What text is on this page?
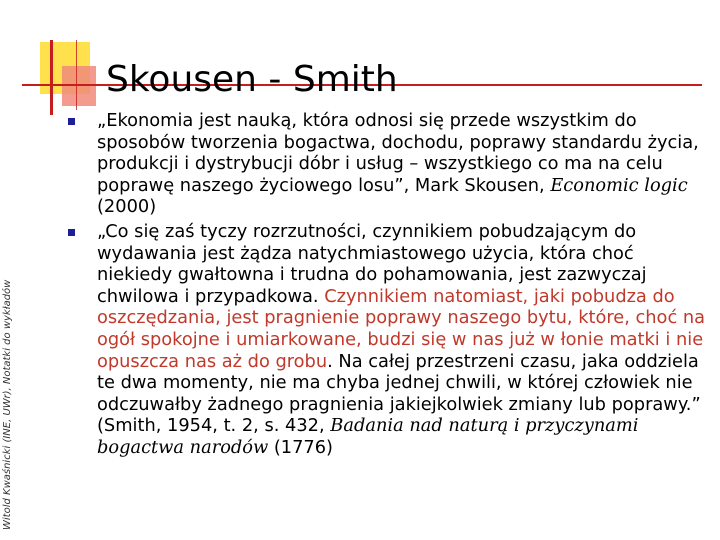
Skousen - Smith
Witold Kwaśnicki (INE, UWr), Notatki do wykładów
„Ekonomia jest nauką, która odnosi się przede wszystkim do sposobów tworzenia bogactwa, dochodu, poprawy standardu życia, produkcji i dystrybucji dóbr i usług – wszystkiego co ma na celu poprawę naszego życiowego losu”, Mark Skousen, Economic logic (2000)
„Co się zaś tyczy rozrzutności, czynnikiem pobudzającym do wydawania jest żądza natychmiastowego użycia, która choć niekiedy gwałtowna i trudna do pohamowania, jest zazwyczaj chwilowa i przypadkowa. Czynnikiem natomiast, jaki pobudza do oszczędzania, jest pragnienie poprawy naszego bytu, które, choć na ogół spokojne i umiarkowane, budzi się w nas już w łonie matki i nie opuszcza nas aż do grobu. Na całej przestrzeni czasu, jaka oddziela te dwa momenty, nie ma chyba jednej chwili, w której człowiek nie odczuwałby żadnego pragnienia jakiejkolwiek zmiany lub poprawy.” (Smith, 1954, t. 2, s. 432, Badania nad naturą i przyczynami bogactwa narodów (1776)
